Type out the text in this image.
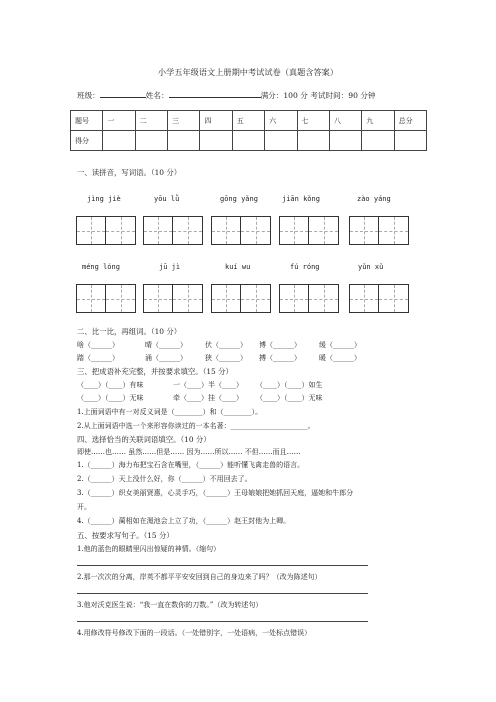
小学五年级语文上册期中考试试卷（真题含答案）
班级：	姓名：	满分：100 分 考试时间：90 分钟
题号	一	二	三	四	五	六	七	八	九	总分
得分										
一、读拼音，写词语。（10 分）
jìng jiè	yōu lǜ	gōng yǎng	jiān kǒng	zào yáng
méng lóng	jū jì	kuí wu	fú róng	yǔn xǔ
二、比一比，再组词。（10 分）
啥（______）	晴（______）	伏（______） 博（______）	缓（______）
踏（______）	涌（______）	狭（______） 搏（______）	暖（______）
三、把成语补充完整，并按要求填空。（15 分）
（____）（____）有味	一（____）半（____） （____）（____）如生
（____）（____）无味	牵（____）挂（____） （____）（____）无味
1.上面词语中有一对反义词是（________）和（________）。
2.从上面词语中选一个来形容你读过的一本名著：______________________。
四、选择恰当的关联词语填空。（10 分）
即使……也…… 虽然……但是…… 因为……所以…… 不但……而且……
1.（______）海力布把宝石含在嘴里，（______）能听懂飞禽走兽的语言。
2.（______）天上没什么好，你（______）不用回去了。
3.（______）织女美丽贤惠，心灵手巧，（______）王母娘娘把她抓回天庭，逼她和牛郎分
开。
4.（______）蔺相如在渑池会上立了功，（______）赵王封他为上卿。
五、按要求写句子。（15 分）
1.他的蓝色的眼睛里闪出惊疑的神情。（缩句）
2.那一次次的分离，岸英不都平平安安回到自己的身边来了吗？（改为陈述句）
3.他对沃克医生说：“我一直在数你的刀数。”（改为转述句）
4.用修改符号修改下面的一段话。（一处错别字，一处语病，一处标点错误）
